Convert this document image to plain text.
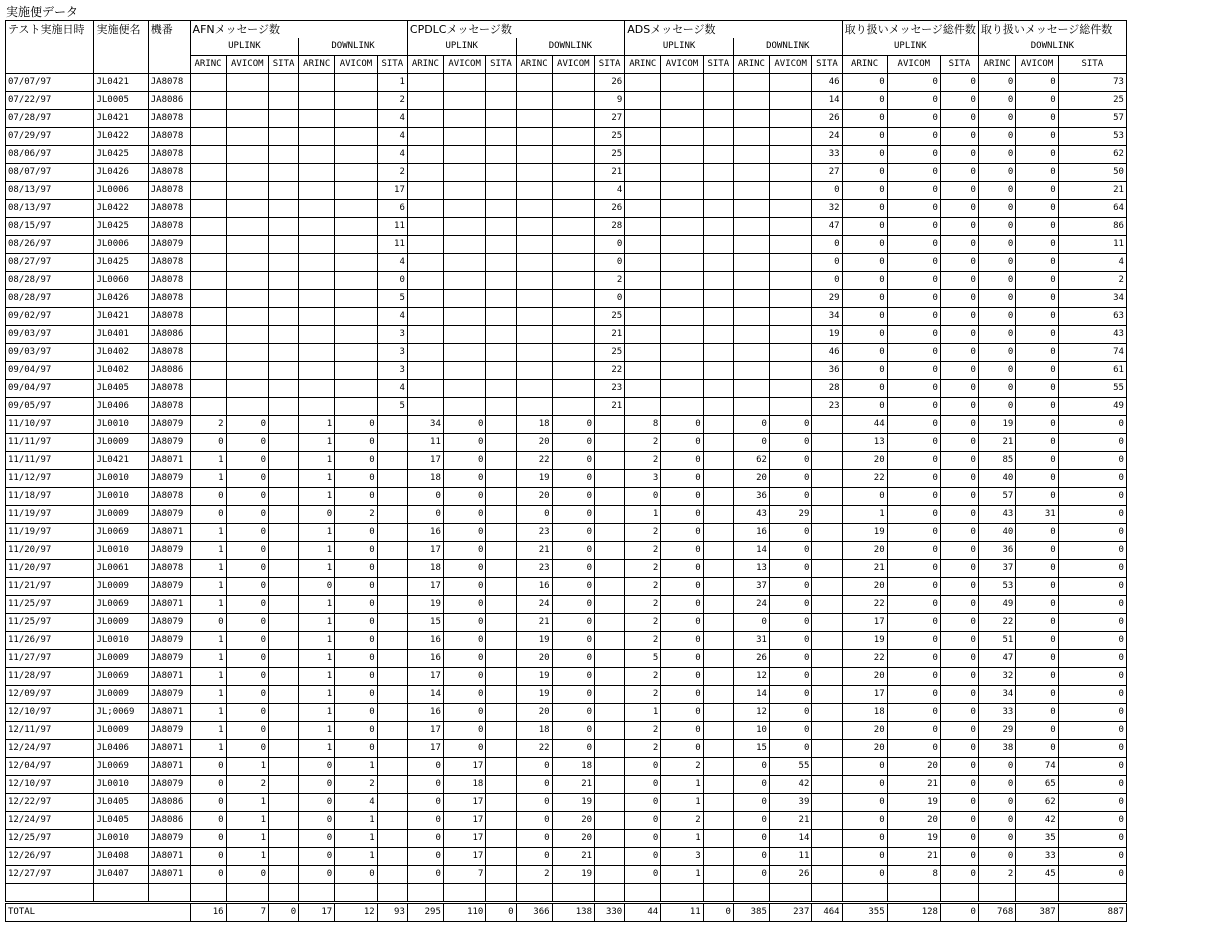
実施便データ
テスト実施日時	実施便名	機番	AFNメッセージ数						CPDLCメッセージ数						ADSメッセージ数						取り扱いメッセージ総件数			取り扱いメッセージ総件数		
			UPLINK			DOWNLINK			UPLINK			DOWNLINK			UPLINK			DOWNLINK			UPLINK			DOWNLINK		
			ARINC	AVICOM	SITA	ARINC	AVICOM	SITA	ARINC	AVICOM	SITA	ARINC	AVICOM	SITA	ARINC	AVICOM	SITA	ARINC	AVICOM	SITA	ARINC	AVICOM	SITA	ARINC	AVICOM	SITA
07/07/97	JL0421	JA8078						1						26						46	0	0	0	0	0	73
07/22/97	JL0005	JA8086						2						9						14	0	0	0	0	0	25
07/28/97	JL0421	JA8078						4						27						26	0	0	0	0	0	57
07/29/97	JL0422	JA8078						4						25						24	0	0	0	0	0	53
08/06/97	JL0425	JA8078						4						25						33	0	0	0	0	0	62
08/07/97	JL0426	JA8078						2						21						27	0	0	0	0	0	50
08/13/97	JL0006	JA8078						17						4						0	0	0	0	0	0	21
08/13/97	JL0422	JA8078						6						26						32	0	0	0	0	0	64
08/15/97	JL0425	JA8078						11						28						47	0	0	0	0	0	86
08/26/97	JL0006	JA8079						11						0						0	0	0	0	0	0	11
08/27/97	JL0425	JA8078						4						0						0	0	0	0	0	0	4
08/28/97	JL0060	JA8078						0						2						0	0	0	0	0	0	2
08/28/97	JL0426	JA8078						5						0						29	0	0	0	0	0	34
09/02/97	JL0421	JA8078						4						25						34	0	0	0	0	0	63
09/03/97	JL0401	JA8086						3						21						19	0	0	0	0	0	43
09/03/97	JL0402	JA8078						3						25						46	0	0	0	0	0	74
09/04/97	JL0402	JA8086						3						22						36	0	0	0	0	0	61
09/04/97	JL0405	JA8078						4						23						28	0	0	0	0	0	55
09/05/97	JL0406	JA8078						5						21						23	0	0	0	0	0	49
11/10/97	JL0010	JA8079	2	0		1	0		34	0		18	0		8	0		0	0		44	0	0	19	0	0
11/11/97	JL0009	JA8079	0	0		1	0		11	0		20	0		2	0		0	0		13	0	0	21	0	0
11/11/97	JL0421	JA8071	1	0		1	0		17	0		22	0		2	0		62	0		20	0	0	85	0	0
11/12/97	JL0010	JA8079	1	0		1	0		18	0		19	0		3	0		20	0		22	0	0	40	0	0
11/18/97	JL0010	JA8078	0	0		1	0		0	0		20	0		0	0		36	0		0	0	0	57	0	0
11/19/97	JL0009	JA8079	0	0		0	2		0	0		0	0		1	0		43	29		1	0	0	43	31	0
11/19/97	JL0069	JA8071	1	0		1	0		16	0		23	0		2	0		16	0		19	0	0	40	0	0
11/20/97	JL0010	JA8079	1	0		1	0		17	0		21	0		2	0		14	0		20	0	0	36	0	0
11/20/97	JL0061	JA8078	1	0		1	0		18	0		23	0		2	0		13	0		21	0	0	37	0	0
11/21/97	JL0009	JA8079	1	0		0	0		17	0		16	0		2	0		37	0		20	0	0	53	0	0
11/25/97	JL0069	JA8071	1	0		1	0		19	0		24	0		2	0		24	0		22	0	0	49	0	0
11/25/97	JL0009	JA8079	0	0		1	0		15	0		21	0		2	0		0	0		17	0	0	22	0	0
11/26/97	JL0010	JA8079	1	0		1	0		16	0		19	0		2	0		31	0		19	0	0	51	0	0
11/27/97	JL0009	JA8079	1	0		1	0		16	0		20	0		5	0		26	0		22	0	0	47	0	0
11/28/97	JL0069	JA8071	1	0		1	0		17	0		19	0		2	0		12	0		20	0	0	32	0	0
12/09/97	JL0009	JA8079	1	0		1	0		14	0		19	0		2	0		14	0		17	0	0	34	0	0
12/10/97	JL;0069	JA8071	1	0		1	0		16	0		20	0		1	0		12	0		18	0	0	33	0	0
12/11/97	JL0009	JA8079	1	0		1	0		17	0		18	0		2	0		10	0		20	0	0	29	0	0
12/24/97	JL0406	JA8071	1	0		1	0		17	0		22	0		2	0		15	0		20	0	0	38	0	0
12/04/97	JL0069	JA8071	0	1		0	1		0	17		0	18		0	2		0	55		0	20	0	0	74	0
12/10/97	JL0010	JA8079	0	2		0	2		0	18		0	21		0	1		0	42		0	21	0	0	65	0
12/22/97	JL0405	JA8086	0	1		0	4		0	17		0	19		0	1		0	39		0	19	0	0	62	0
12/24/97	JL0405	JA8086	0	1		0	1		0	17		0	20		0	2		0	21		0	20	0	0	42	0
12/25/97	JL0010	JA8079	0	1		0	1		0	17		0	20		0	1		0	14		0	19	0	0	35	0
12/26/97	JL0408	JA8071	0	1		0	1		0	17		0	21		0	3		0	11		0	21	0	0	33	0
12/27/97	JL0407	JA8071	0	0		0	0		0	7		2	19		0	1		0	26		0	8	0	2	45	0

TOTAL			16	7	0	17	12	93	295	110	0	366	138	330	44	11	0	385	237	464	355	128	0	768	387	887
